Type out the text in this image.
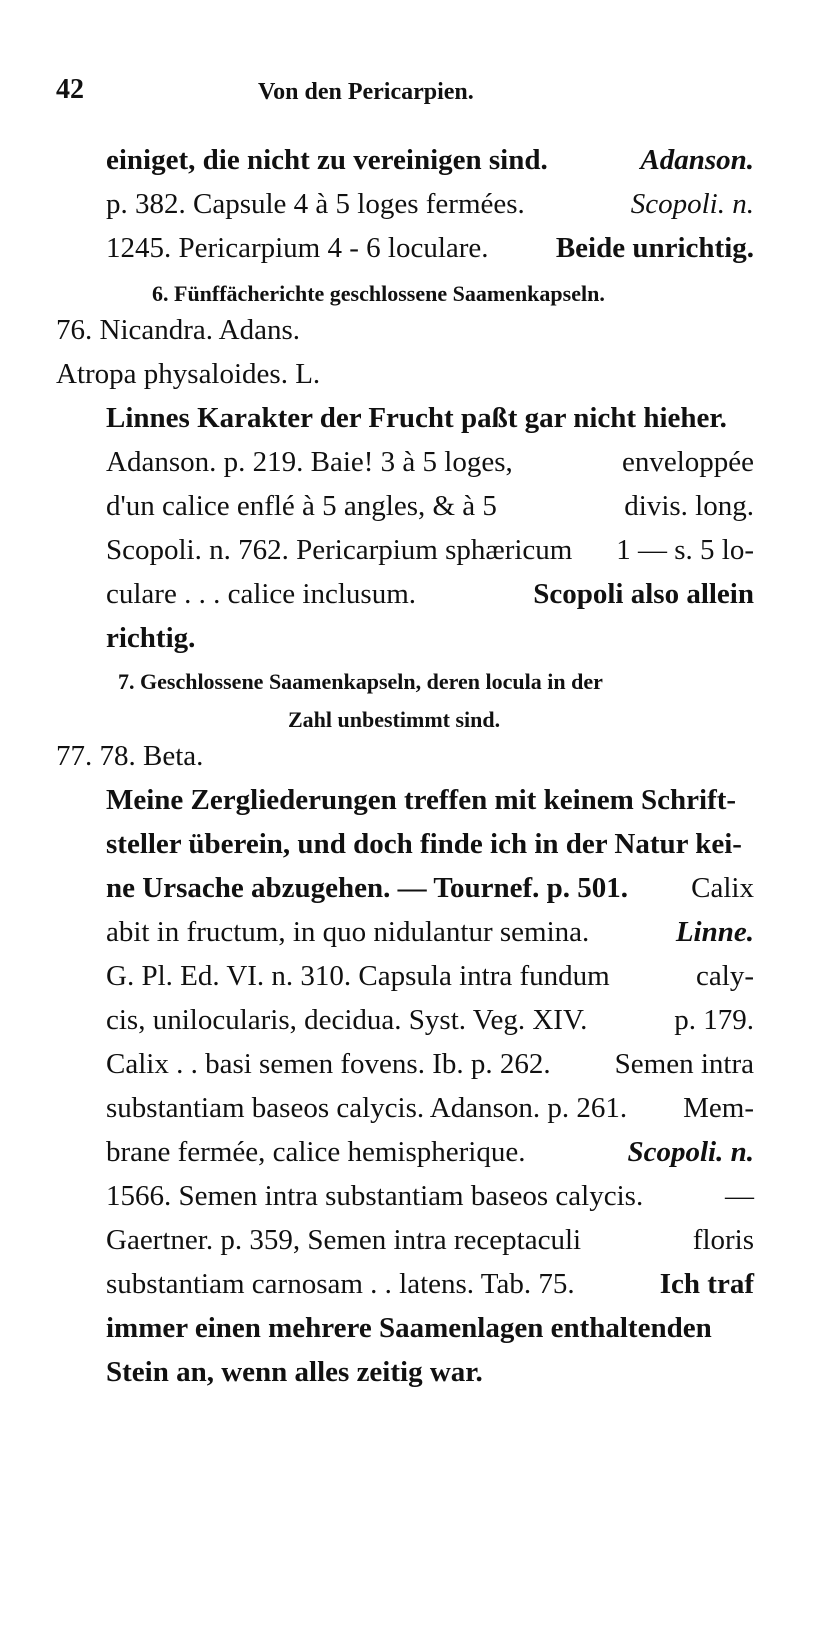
42	Von den Pericarpien.
einiget, die nicht zu vereinigen sind.	Adanson.
p. 382. Capsule 4 à 5 loges fermées.	Scopoli. n.
1245. Pericarpium 4 - 6 loculare. Beide unrichtig.
6. Fünffächerichte geschlossene Saamenkapseln.
76. Nicandra. Adans.
Atropa physaloides. L.
Linnes Karakter der Frucht paßt gar nicht hieher.
Adanson. p. 219. Baie! 3 à 5 loges,	enveloppée
d'un calice enflé à 5 angles, & à 5	divis. long.
Scopoli. n. 762. Pericarpium sphæricum 1 — s. 5 lo-
culare . . . calice inclusum.	Scopoli also allein
richtig.
7. Geschlossene Saamenkapseln, deren locula in der
Zahl unbestimmt sind.
77. 78. Beta.
Meine Zergliederungen treffen mit keinem Schrift-
steller überein, und doch finde ich in der Natur kei-
ne Ursache abzugehen. — Tournef. p. 501. Calix
abit in fructum, in quo nidulantur semina.	Linne.
G. Pl. Ed. VI. n. 310. Capsula intra fundum	caly-
cis, unilocularis, decidua. Syst. Veg. XIV.	p. 179.
Calix . . basi semen fovens. Ib. p. 262. Semen intra
substantiam baseos calycis. Adanson. p. 261. Mem-
brane fermée, calice hemispherique.	Scopoli. n.
1566. Semen intra substantiam baseos calycis.	—
Gaertner. p. 359, Semen intra receptaculi	floris
substantiam carnosam . . latens. Tab. 75.	Ich traf
immer einen mehrere Saamenlagen enthaltenden
Stein an, wenn alles zeitig war.
